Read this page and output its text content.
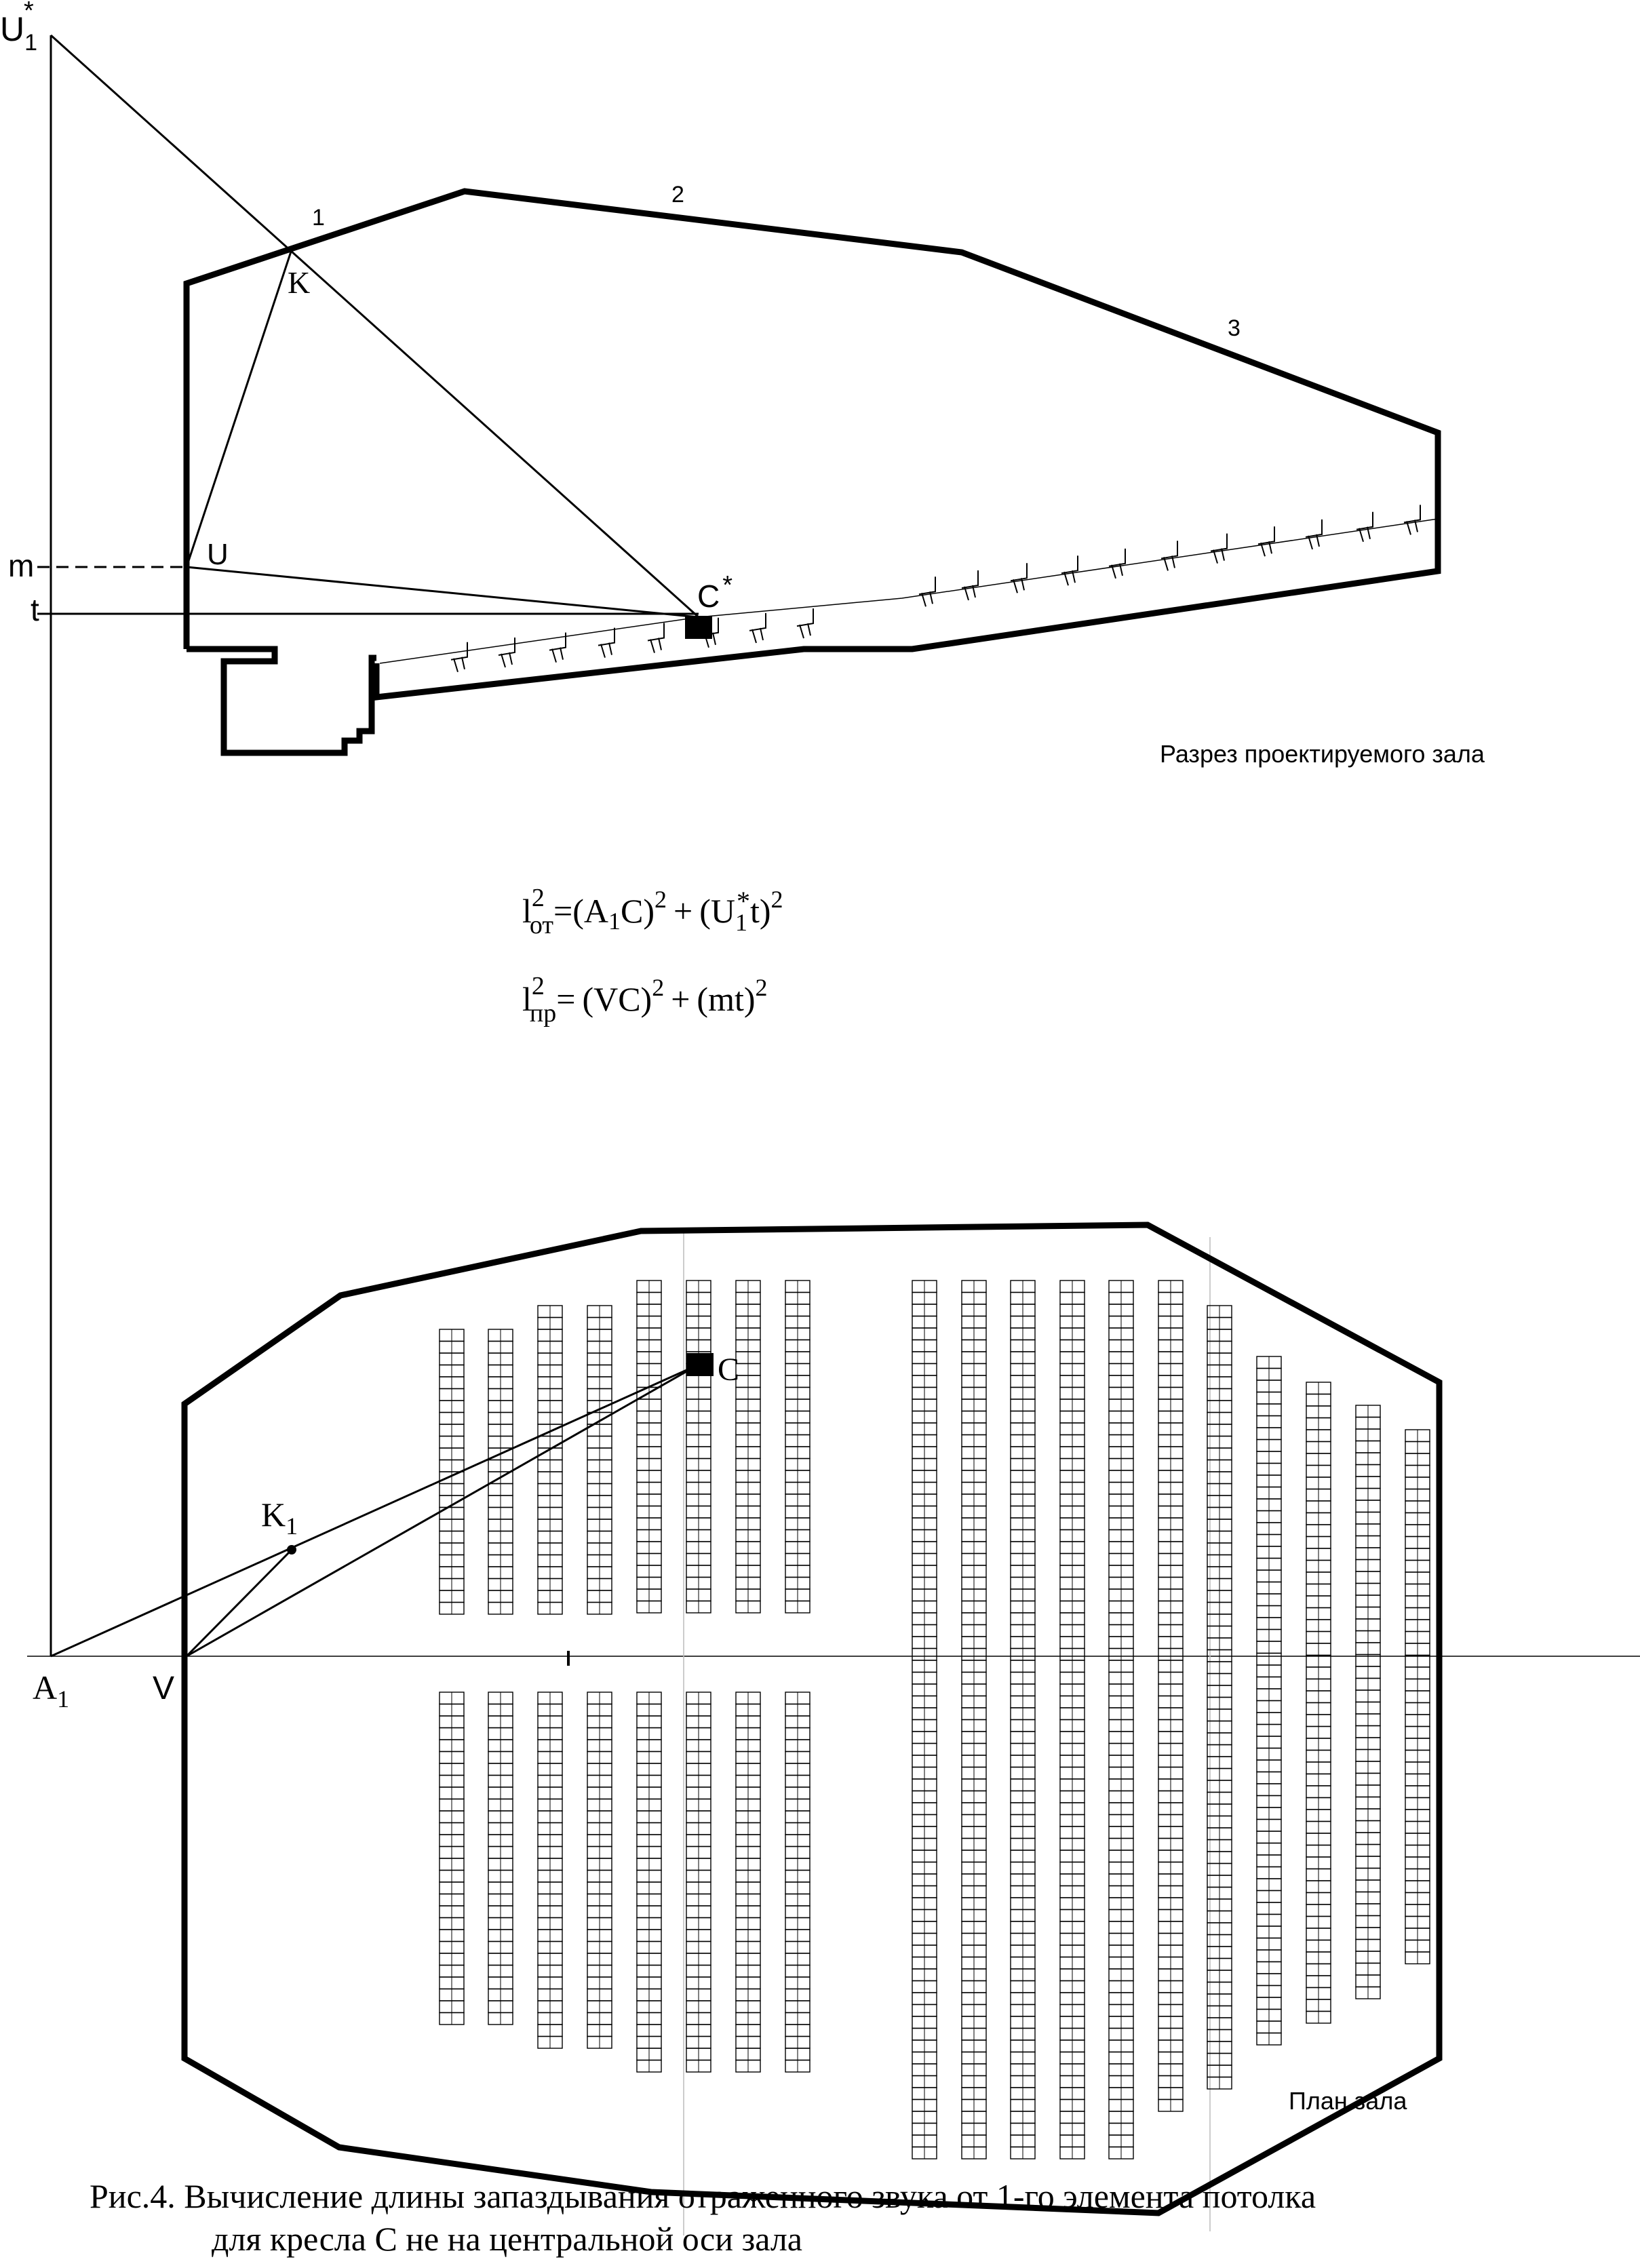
1
2
3
$U_1*$
K
U
C *
m
t
Разрез проектируемого зала
$l^2$ $от=(A_1C)^2 + (U_1*t)^2$
$l^2$ пр= (VC)$^2$ + (mt)$^2$
$A_1$	V
$K_1$
C
План зала
Рис.4. Вычисление длины запаздывания отраженного звука от 1-го элемента потолка
для кресла С не на центральной оси зала
